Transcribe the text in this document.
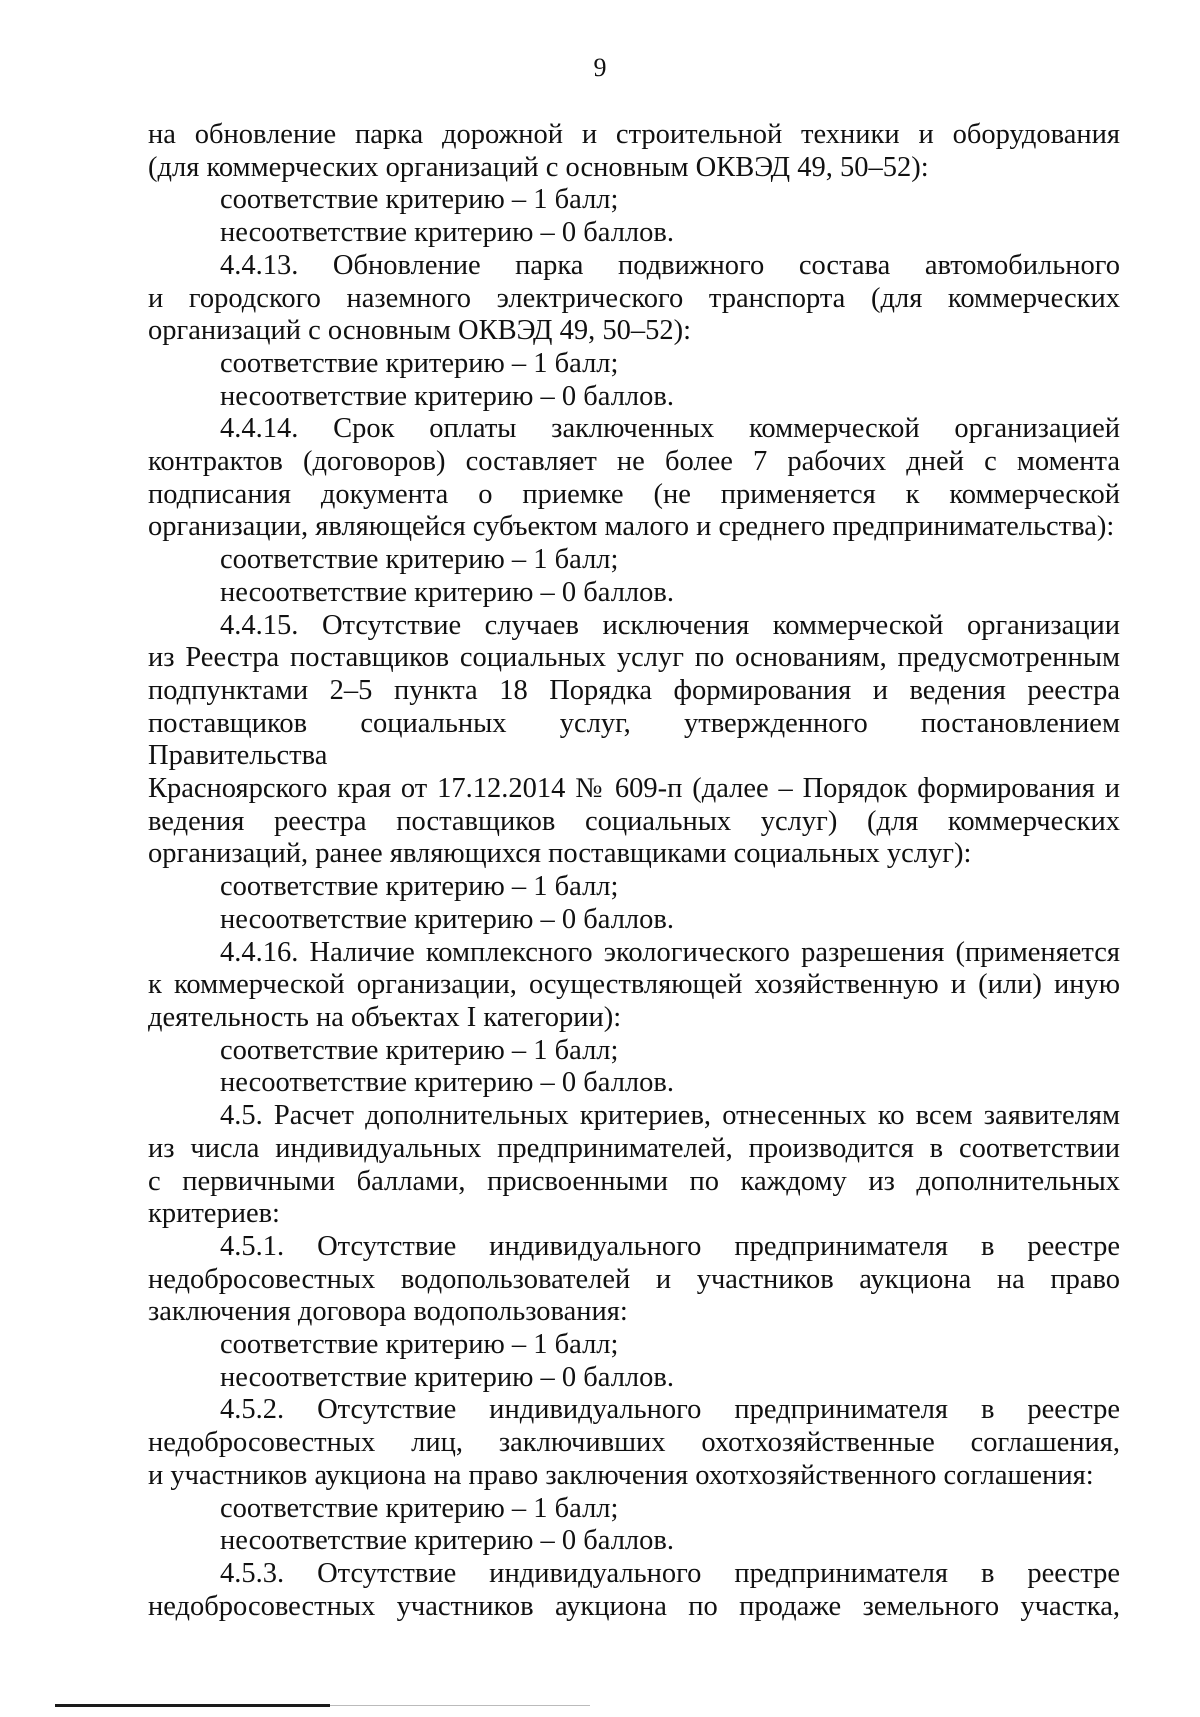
9
на обновление парка дорожной и строительной техники и оборудования
(для коммерческих организаций с основным ОКВЭД 49, 50–52):
соответствие критерию – 1 балл;
несоответствие критерию – 0 баллов.
4.4.13. Обновление парка подвижного состава автомобильного
и городского наземного электрического транспорта (для коммерческих
организаций с основным ОКВЭД 49, 50–52):
соответствие критерию – 1 балл;
несоответствие критерию – 0 баллов.
4.4.14. Срок оплаты заключенных коммерческой организацией
контрактов (договоров) составляет не более 7 рабочих дней с момента
подписания документа о приемке (не применяется к коммерческой
организации, являющейся субъектом малого и среднего предпринимательства):
соответствие критерию – 1 балл;
несоответствие критерию – 0 баллов.
4.4.15. Отсутствие случаев исключения коммерческой организации
из Реестра поставщиков социальных услуг по основаниям, предусмотренным
подпунктами 2–5 пункта 18 Порядка формирования и ведения реестра
поставщиков социальных услуг, утвержденного постановлением Правительства
Красноярского края от 17.12.2014 № 609-п (далее – Порядок формирования и
ведения реестра поставщиков социальных услуг) (для коммерческих
организаций, ранее являющихся поставщиками социальных услуг):
соответствие критерию – 1 балл;
несоответствие критерию – 0 баллов.
4.4.16. Наличие комплексного экологического разрешения (применяется
к коммерческой организации, осуществляющей хозяйственную и (или) иную
деятельность на объектах I категории):
соответствие критерию – 1 балл;
несоответствие критерию – 0 баллов.
4.5. Расчет дополнительных критериев, отнесенных ко всем заявителям
из числа индивидуальных предпринимателей, производится в соответствии
с первичными баллами, присвоенными по каждому из дополнительных
критериев:
4.5.1. Отсутствие индивидуального предпринимателя в реестре
недобросовестных водопользователей и участников аукциона на право
заключения договора водопользования:
соответствие критерию – 1 балл;
несоответствие критерию – 0 баллов.
4.5.2. Отсутствие индивидуального предпринимателя в реестре
недобросовестных лиц, заключивших охотхозяйственные соглашения,
и участников аукциона на право заключения охотхозяйственного соглашения:
соответствие критерию – 1 балл;
несоответствие критерию – 0 баллов.
4.5.3. Отсутствие индивидуального предпринимателя в реестре
недобросовестных участников аукциона по продаже земельного участка,
